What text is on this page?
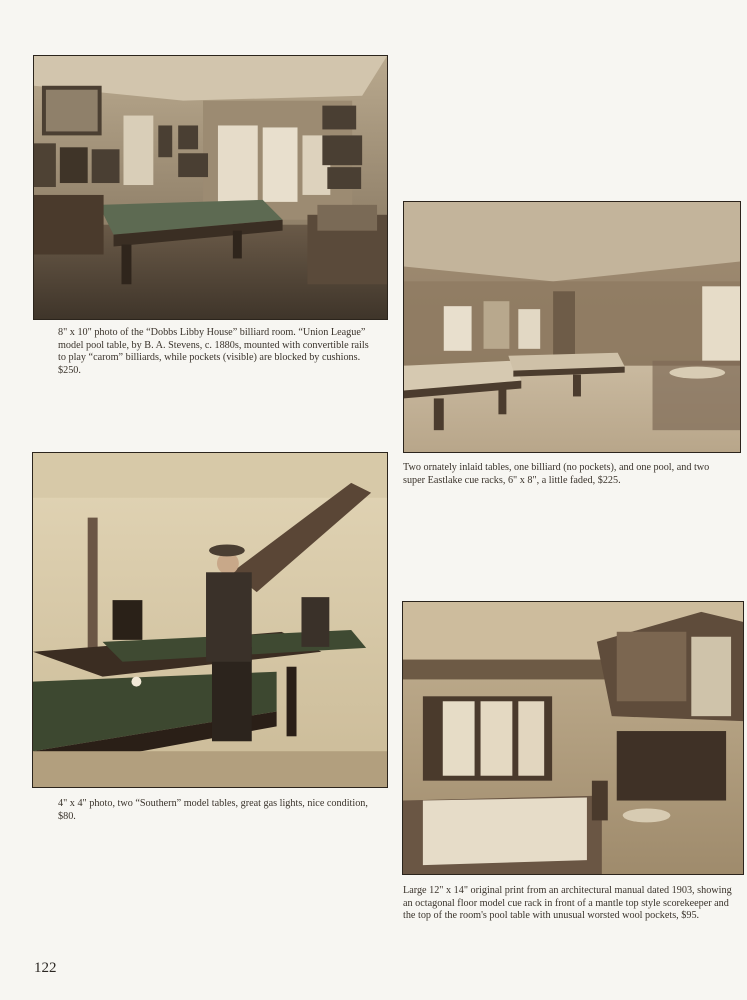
8" x 10" photo of the “Dobbs Libby House” billiard room. “Union League” model pool table, by B. A. Stevens, c. 1880s, mounted with convertible rails to play “carom” billiards, while pockets (visible) are blocked by cushions. $250.

Two ornately inlaid tables, one billiard (no pockets), and one pool, and two super Eastlake cue racks, 6" x 8", a little faded, $225.

4" x 4" photo, two “Southern” model tables, great gas lights, nice condition, $80.

Large 12" x 14" original print from an architectural manual dated 1903, showing an octagonal floor model cue rack in front of a mantle top style scorekeeper and the top of the room's pool table with unusual worsted wool pockets, $95.

122
